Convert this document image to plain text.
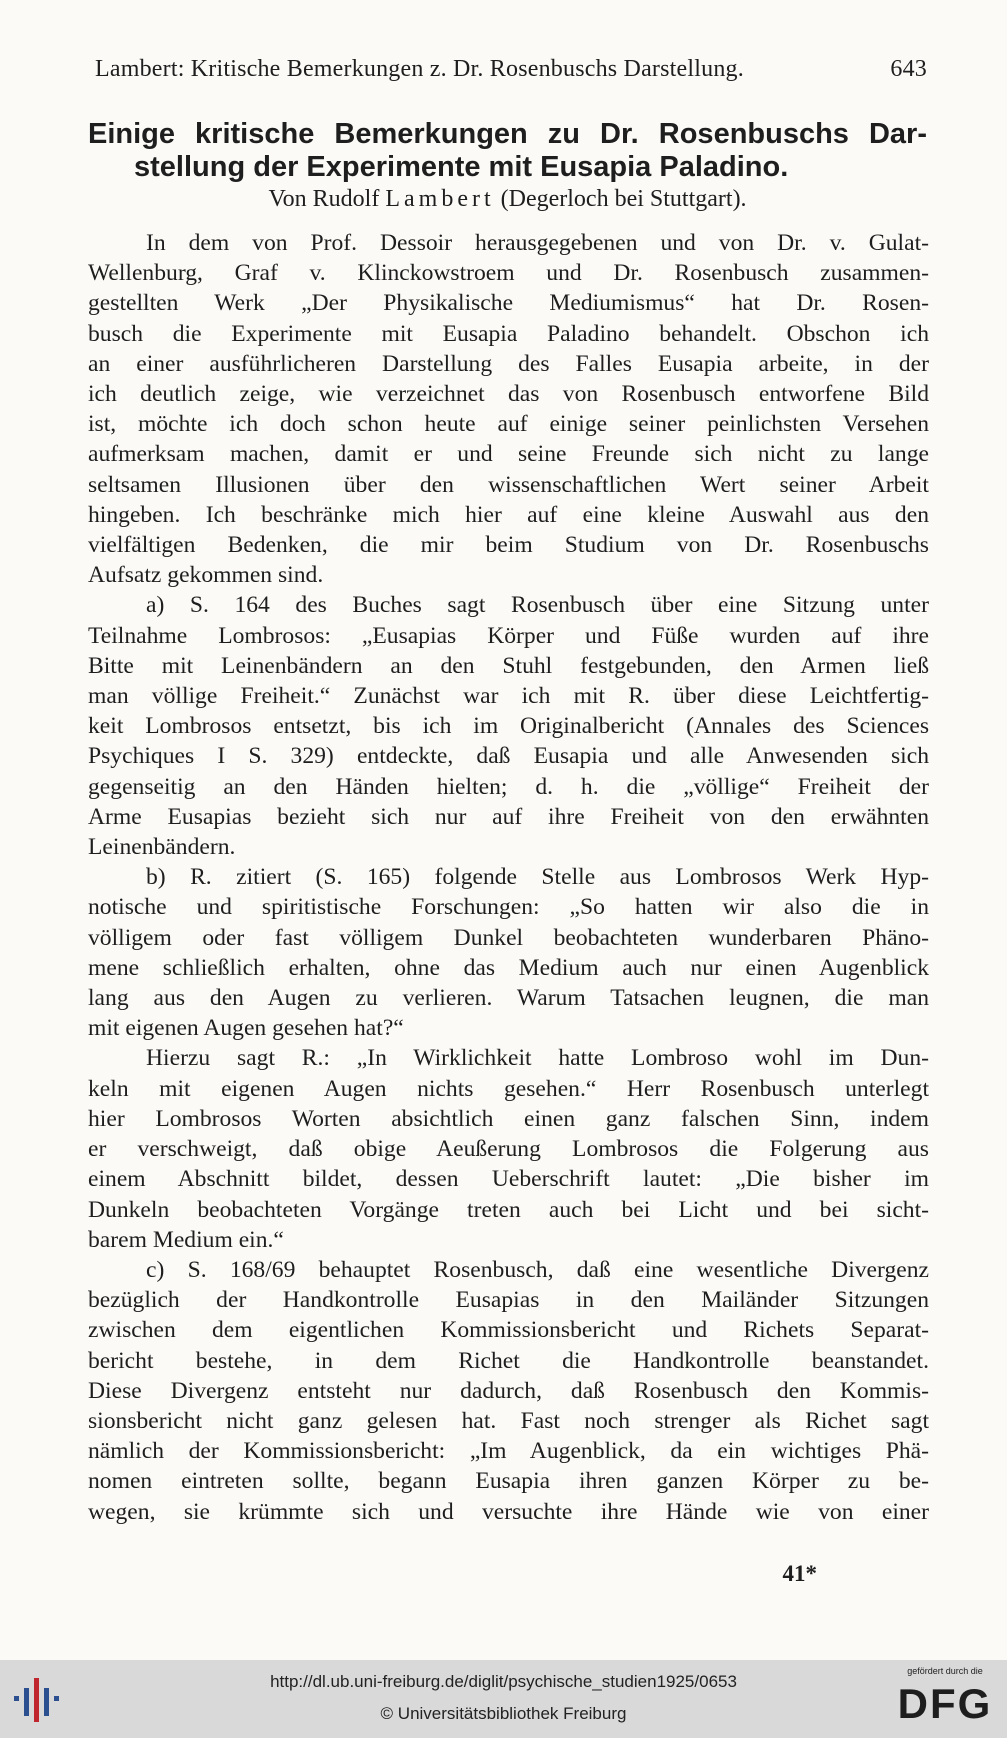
Lambert: Kritische Bemerkungen z. Dr. Rosenbuschs Darstellung.	643
Einige kritische Bemerkungen zu Dr. Rosenbuschs Dar-
stellung der Experimente mit Eusapia Paladino.
Von Rudolf Lambert (Degerloch bei Stuttgart).
In dem von Prof. Dessoir herausgegebenen und von Dr. v. Gulat-
Wellenburg, Graf v. Klinckowstroem und Dr. Rosenbusch zusammen-
gestellten Werk „Der Physikalische Mediumismus“ hat Dr. Rosen-
busch die Experimente mit Eusapia Paladino behandelt. Obschon ich
an einer ausführlicheren Darstellung des Falles Eusapia arbeite, in der
ich deutlich zeige, wie verzeichnet das von Rosenbusch entworfene Bild
ist, möchte ich doch schon heute auf einige seiner peinlichsten Versehen
aufmerksam machen, damit er und seine Freunde sich nicht zu lange
seltsamen Illusionen über den wissenschaftlichen Wert seiner Arbeit
hingeben. Ich beschränke mich hier auf eine kleine Auswahl aus den
vielfältigen Bedenken, die mir beim Studium von Dr. Rosenbuschs
Aufsatz gekommen sind.
a) S. 164 des Buches sagt Rosenbusch über eine Sitzung unter
Teilnahme Lombrosos: „Eusapias Körper und Füße wurden auf ihre
Bitte mit Leinenbändern an den Stuhl festgebunden, den Armen ließ
man völlige Freiheit.“ Zunächst war ich mit R. über diese Leichtfertig-
keit Lombrosos entsetzt, bis ich im Originalbericht (Annales des Sciences
Psychiques I S. 329) entdeckte, daß Eusapia und alle Anwesenden sich
gegenseitig an den Händen hielten; d. h. die „völlige“ Freiheit der
Arme Eusapias bezieht sich nur auf ihre Freiheit von den erwähnten
Leinenbändern.
b) R. zitiert (S. 165) folgende Stelle aus Lombrosos Werk Hyp-
notische und spiritistische Forschungen: „So hatten wir also die in
völligem oder fast völligem Dunkel beobachteten wunderbaren Phäno-
mene schließlich erhalten, ohne das Medium auch nur einen Augenblick
lang aus den Augen zu verlieren. Warum Tatsachen leugnen, die man
mit eigenen Augen gesehen hat?“
Hierzu sagt R.: „In Wirklichkeit hatte Lombroso wohl im Dun-
keln mit eigenen Augen nichts gesehen.“ Herr Rosenbusch unterlegt
hier Lombrosos Worten absichtlich einen ganz falschen Sinn, indem
er verschweigt, daß obige Aeußerung Lombrosos die Folgerung aus
einem Abschnitt bildet, dessen Ueberschrift lautet: „Die bisher im
Dunkeln beobachteten Vorgänge treten auch bei Licht und bei sicht-
barem Medium ein.“
c) S. 168/69 behauptet Rosenbusch, daß eine wesentliche Divergenz
bezüglich der Handkontrolle Eusapias in den Mailänder Sitzungen
zwischen dem eigentlichen Kommissionsbericht und Richets Separat-
bericht bestehe, in dem Richet die Handkontrolle beanstandet.
Diese Divergenz entsteht nur dadurch, daß Rosenbusch den Kommis-
sionsbericht nicht ganz gelesen hat. Fast noch strenger als Richet sagt
nämlich der Kommissionsbericht: „Im Augenblick, da ein wichtiges Phä-
nomen eintreten sollte, begann Eusapia ihren ganzen Körper zu be-
wegen, sie krümmte sich und versuchte ihre Hände wie von einer
41*
http://dl.ub.uni-freiburg.de/diglit/psychische_studien1925/0653
© Universitätsbibliothek Freiburg
gefördert durch die
DFG
